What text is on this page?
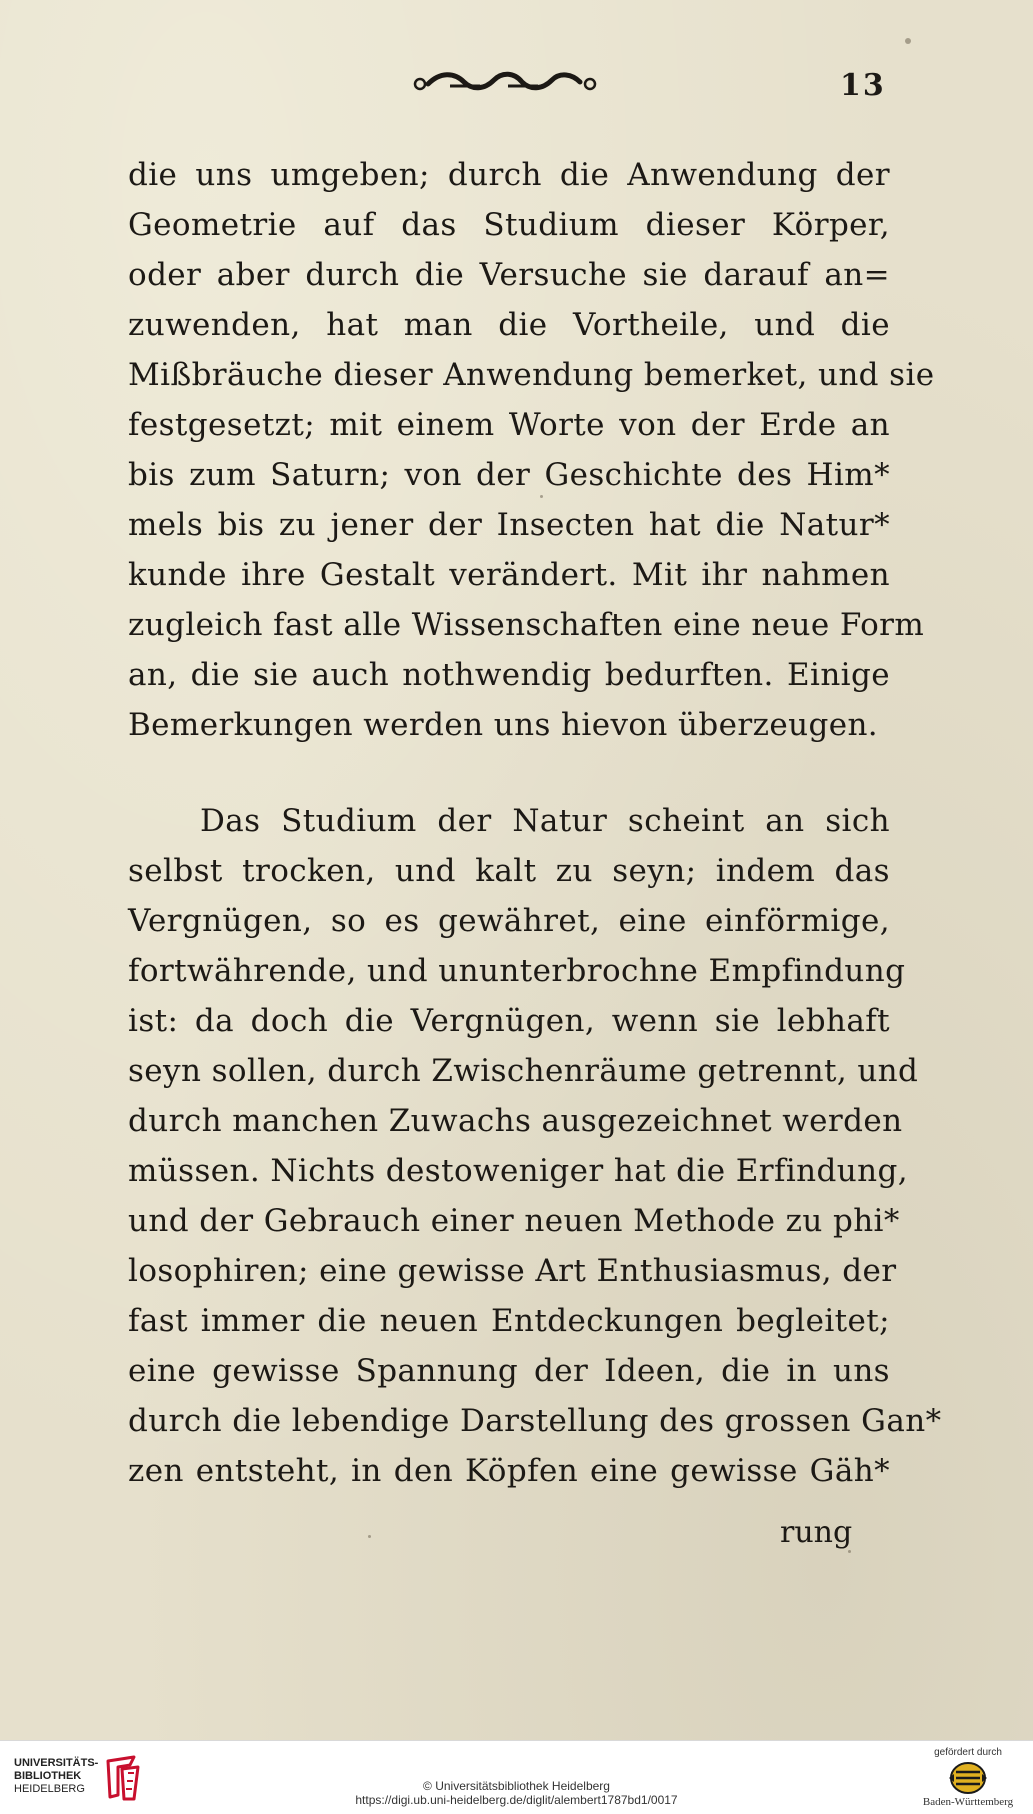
13
die uns umgeben; durch die Anwendung der
Geometrie auf das Studium dieser Körper,
oder aber durch die Versuche sie darauf an=
zuwenden, hat man die Vortheile, und die
Mißbräuche dieser Anwendung bemerket, und sie
festgesetzt; mit einem Worte von der Erde an
bis zum Saturn; von der Geschichte des Him*
mels bis zu jener der Insecten hat die Natur*
kunde ihre Gestalt verändert. Mit ihr nahmen
zugleich fast alle Wissenschaften eine neue Form
an, die sie auch nothwendig bedurften. Einige
Bemerkungen werden uns hievon überzeugen.
Das Studium der Natur scheint an sich
selbst trocken, und kalt zu seyn; indem das
Vergnügen, so es gewähret, eine einförmige,
fortwährende, und ununterbrochne Empfindung
ist: da doch die Vergnügen, wenn sie lebhaft
seyn sollen, durch Zwischenräume getrennt, und
durch manchen Zuwachs ausgezeichnet werden
müssen. Nichts destoweniger hat die Erfindung,
und der Gebrauch einer neuen Methode zu phi*
losophiren; eine gewisse Art Enthusiasmus, der
fast immer die neuen Entdeckungen begleitet;
eine gewisse Spannung der Ideen, die in uns
durch die lebendige Darstellung des grossen Gan*
zen entsteht, in den Köpfen eine gewisse Gäh*
rung
UNIVERSITÄTS-
BIBLIOTHEK
HEIDELBERG	© Universitätsbibliothek Heidelberg
https://digi.ub.uni-heidelberg.de/diglit/alembert1787bd1/0017
gefördert durch
Baden-Württemberg
